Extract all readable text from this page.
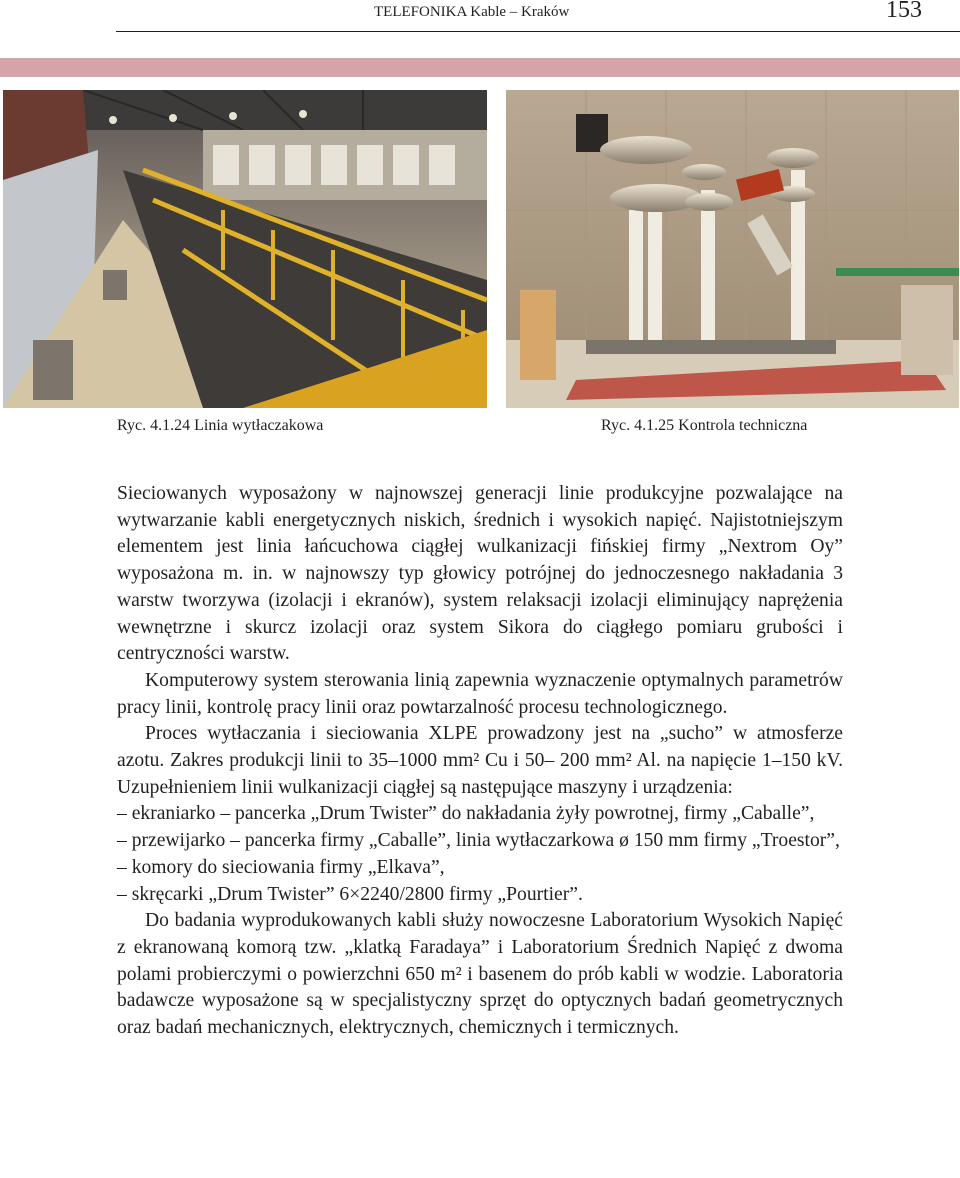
TELEFONIKA Kable – Kraków	153
Ryc. 4.1.24 Linia wytłaczakowa	Ryc. 4.1.25 Kontrola techniczna

Sieciowanych wyposażony w najnowszej generacji linie produkcyjne pozwalające na wytwarzanie kabli energetycznych niskich, średnich i wysokich napięć. Najistotniejszym elementem jest linia łańcuchowa ciągłej wulkanizacji fińskiej firmy „Nextrom Oy” wyposażona m. in. w najnowszy typ głowicy potrójnej do jednoczesnego nakładania 3 warstw tworzywa (izolacji i ekranów), system relaksacji izolacji eliminujący naprężenia wewnętrzne i skurcz izolacji oraz system Sikora do ciągłego pomiaru grubości i centryczności warstw.

Komputerowy system sterowania linią zapewnia wyznaczenie optymalnych parametrów pracy linii, kontrolę pracy linii oraz powtarzalność procesu technologicznego.

Proces wytłaczania i sieciowania XLPE prowadzony jest na „sucho” w atmosferze azotu. Zakres produkcji linii to 35–1000 mm² Cu i 50– 200 mm² Al. na napięcie 1–150 kV. Uzupełnieniem linii wulkanizacji ciągłej są następujące maszyny i urządzenia:

– ekraniarko – pancerka „Drum Twister” do nakładania żyły powrotnej, firmy „Caballe”,

– przewijarko – pancerka firmy „Caballe”, linia wytłaczarkowa ø 150 mm firmy „Troestor”,

– komory do sieciowania firmy „Elkava”,

– skręcarki „Drum Twister” 6×2240/2800 firmy „Pourtier”.

Do badania wyprodukowanych kabli służy nowoczesne Laboratorium Wysokich Napięć z ekranowaną komorą tzw. „klatką Faradaya” i Laboratorium Średnich Napięć z dwoma polami probierczymi o powierzchni 650 m² i basenem do prób kabli w wodzie. Laboratoria badawcze wyposażone są w specjalistyczny sprzęt do optycznych badań geometrycznych oraz badań mechanicznych, elektrycznych, chemicznych i termicznych.
